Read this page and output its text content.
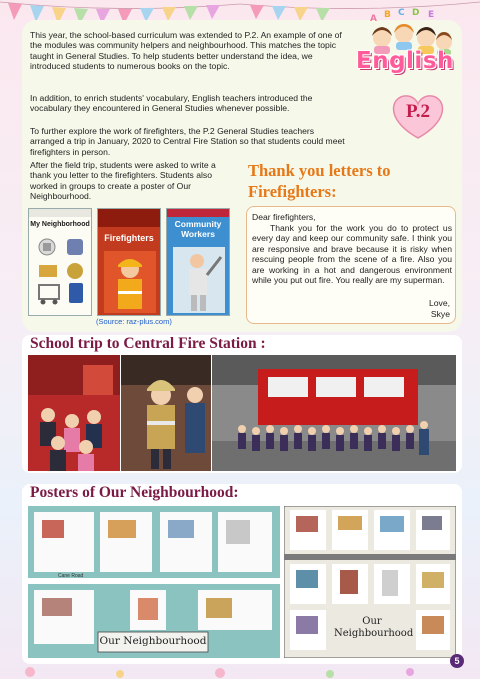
This year, the school-based curriculum was extended to P.2. An example of one of the modules was community helpers and neighbourhood. This matches the topic taught in General Studies. To help students better understand the idea, we introduced students to numerous books on the topic.

In addition, to enrich students' vocabulary, English teachers introduced the vocabulary they encountered in General Studies whenever possible.

To further explore the work of firefighters, the P.2 General Studies teachers arranged a trip in January, 2020 to Central Fire Station so that students could meet firefighters in person.

After the field trip, students were asked to write a thank you letter to the firefighters. Students also worked in groups to create a poster of Our Neighbourhood.

A B C D E
English
P.2
Thank you letters to Firefighters:
Dear firefighters,
Thank you for the work you do to protect us every day and keep our community safe. I think you are responsive and brave because it is risky when rescuing people from the scene of a fire. Also you are working in a hot and dangerous environment while you put out fire. You really are my superman.
Love,
Skye
My Neighborhood
Firefighters
Community Workers
(Source: raz-plus.com)
School trip to Central Fire Station :
Posters of Our Neighbourhood:
Cane Road
Our Neighbourhood
Our
Neighbourhood
5
